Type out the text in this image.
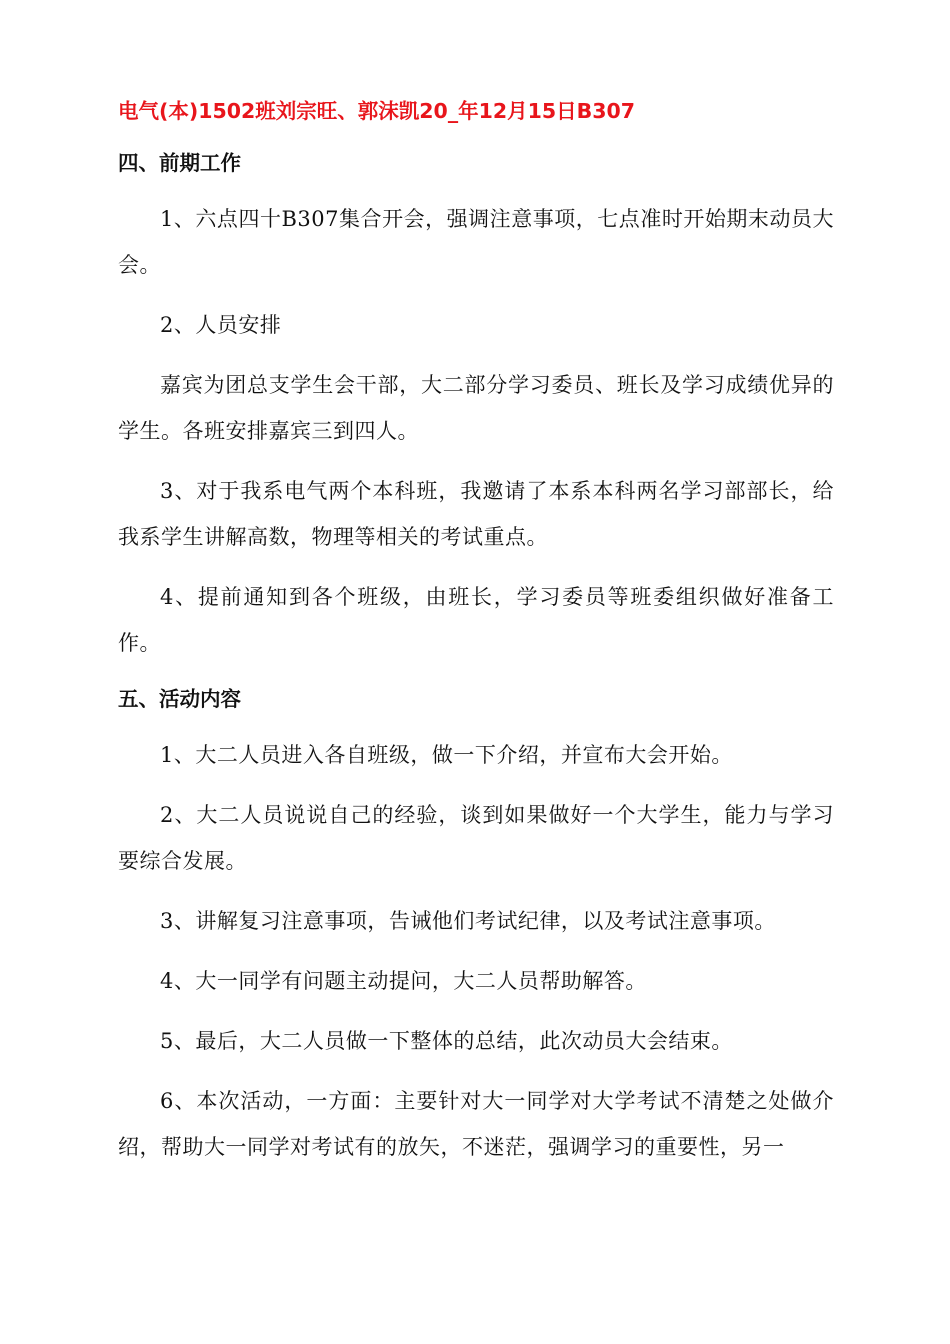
电气(本)1502班刘宗旺、郭沫凯20_年12月15日B307
四、前期工作

1、六点四十B307集合开会，强调注意事项，七点准时开始期末动员大会。

2、人员安排

嘉宾为团总支学生会干部，大二部分学习委员、班长及学习成绩优异的学生。各班安排嘉宾三到四人。

3、对于我系电气两个本科班，我邀请了本系本科两名学习部部长，给我系学生讲解高数，物理等相关的考试重点。

4、提前通知到各个班级，由班长，学习委员等班委组织做好准备工作。

五、活动内容

1、大二人员进入各自班级，做一下介绍，并宣布大会开始。

2、大二人员说说自己的经验，谈到如果做好一个大学生，能力与学习要综合发展。

3、讲解复习注意事项，告诫他们考试纪律，以及考试注意事项。

4、大一同学有问题主动提问，大二人员帮助解答。

5、最后，大二人员做一下整体的总结，此次动员大会结束。

6、本次活动，一方面：主要针对大一同学对大学考试不清楚之处做介绍，帮助大一同学对考试有的放矢，不迷茫，强调学习的重要性，另一
